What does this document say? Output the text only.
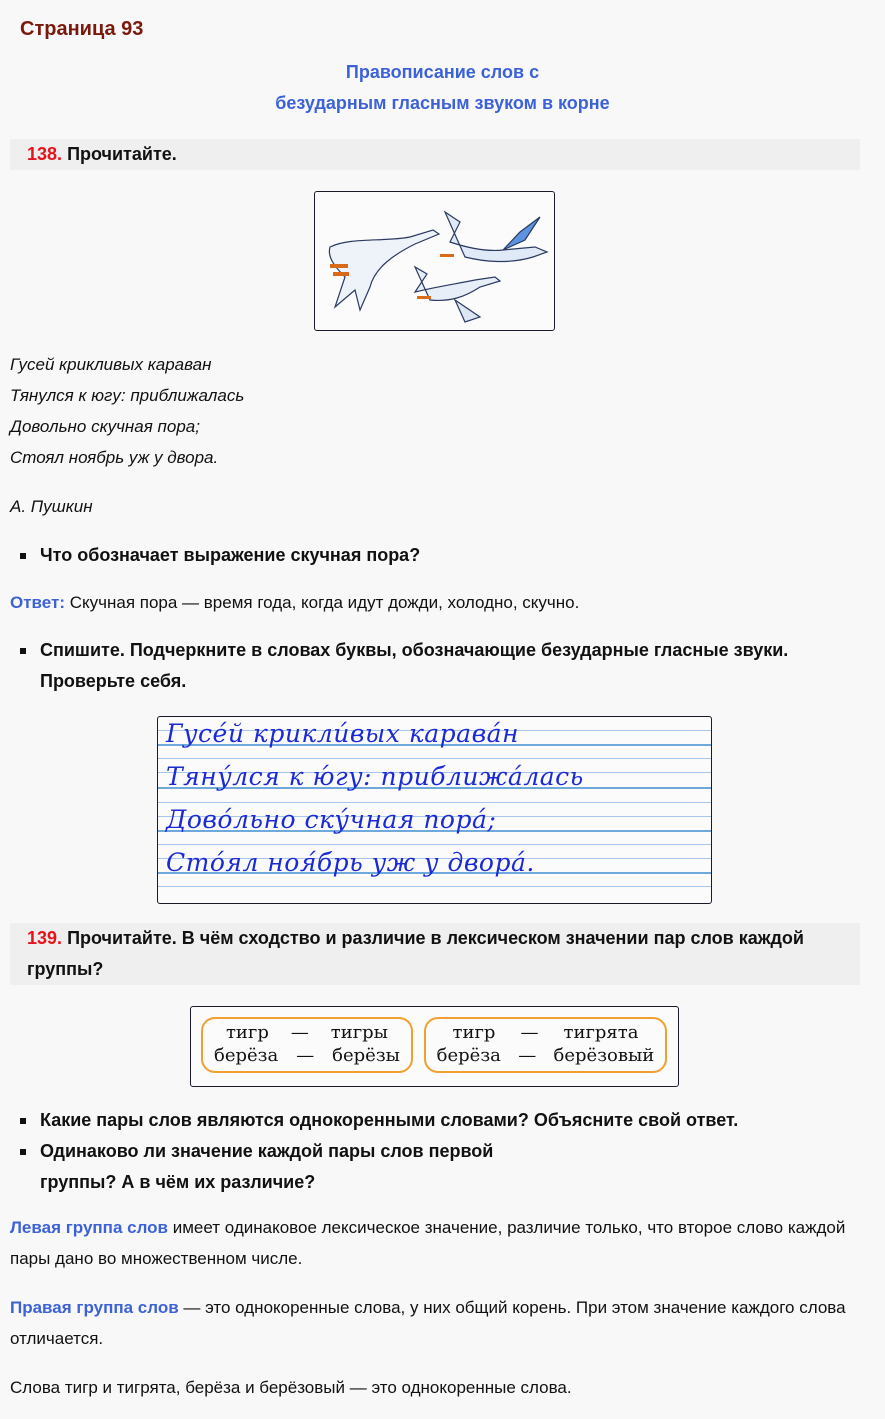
Страница 93
Правописание слов с
безударным гласным звуком в корне
138. Прочитайте.
Гусей крикливых караван
Тянулся к югу: приближалась
Довольно скучная пора;
Стоял ноябрь уж у двора.
А. Пушкин
Что обозначает выражение скучная пора?
Ответ: Скучная пора — время года, когда идут дожди, холодно, скучно.
Спишите. Подчеркните в словах буквы, обозначающие безударные гласные звуки. Проверьте себя.
Гусе́й крикли́вых карава́н
Тяну́лся к ю́гу: приближа́лась
Дово́льно ску́чная пора́;
Сто́ял ноя́брь уж у двора́.
139. Прочитайте. В чём сходство и различие в лексическом значении пар слов каждой группы?
тигр — тигры
берёза — берёзы
тигр — тигрята
берёза — берёзовый
Какие пары слов являются однокоренными словами? Объясните свой ответ.
Одинаково ли значение каждой пары слов первой
группы? А в чём их различие?
Левая группа слов имеет одинаковое лексическое значение, различие только, что второе слово каждой пары дано во множественном числе.
Правая группа слов — это однокоренные слова, у них общий корень. При этом значение каждого слова отличается.
Слова тигр и тигрята, берёза и берёзовый — это однокоренные слова.
